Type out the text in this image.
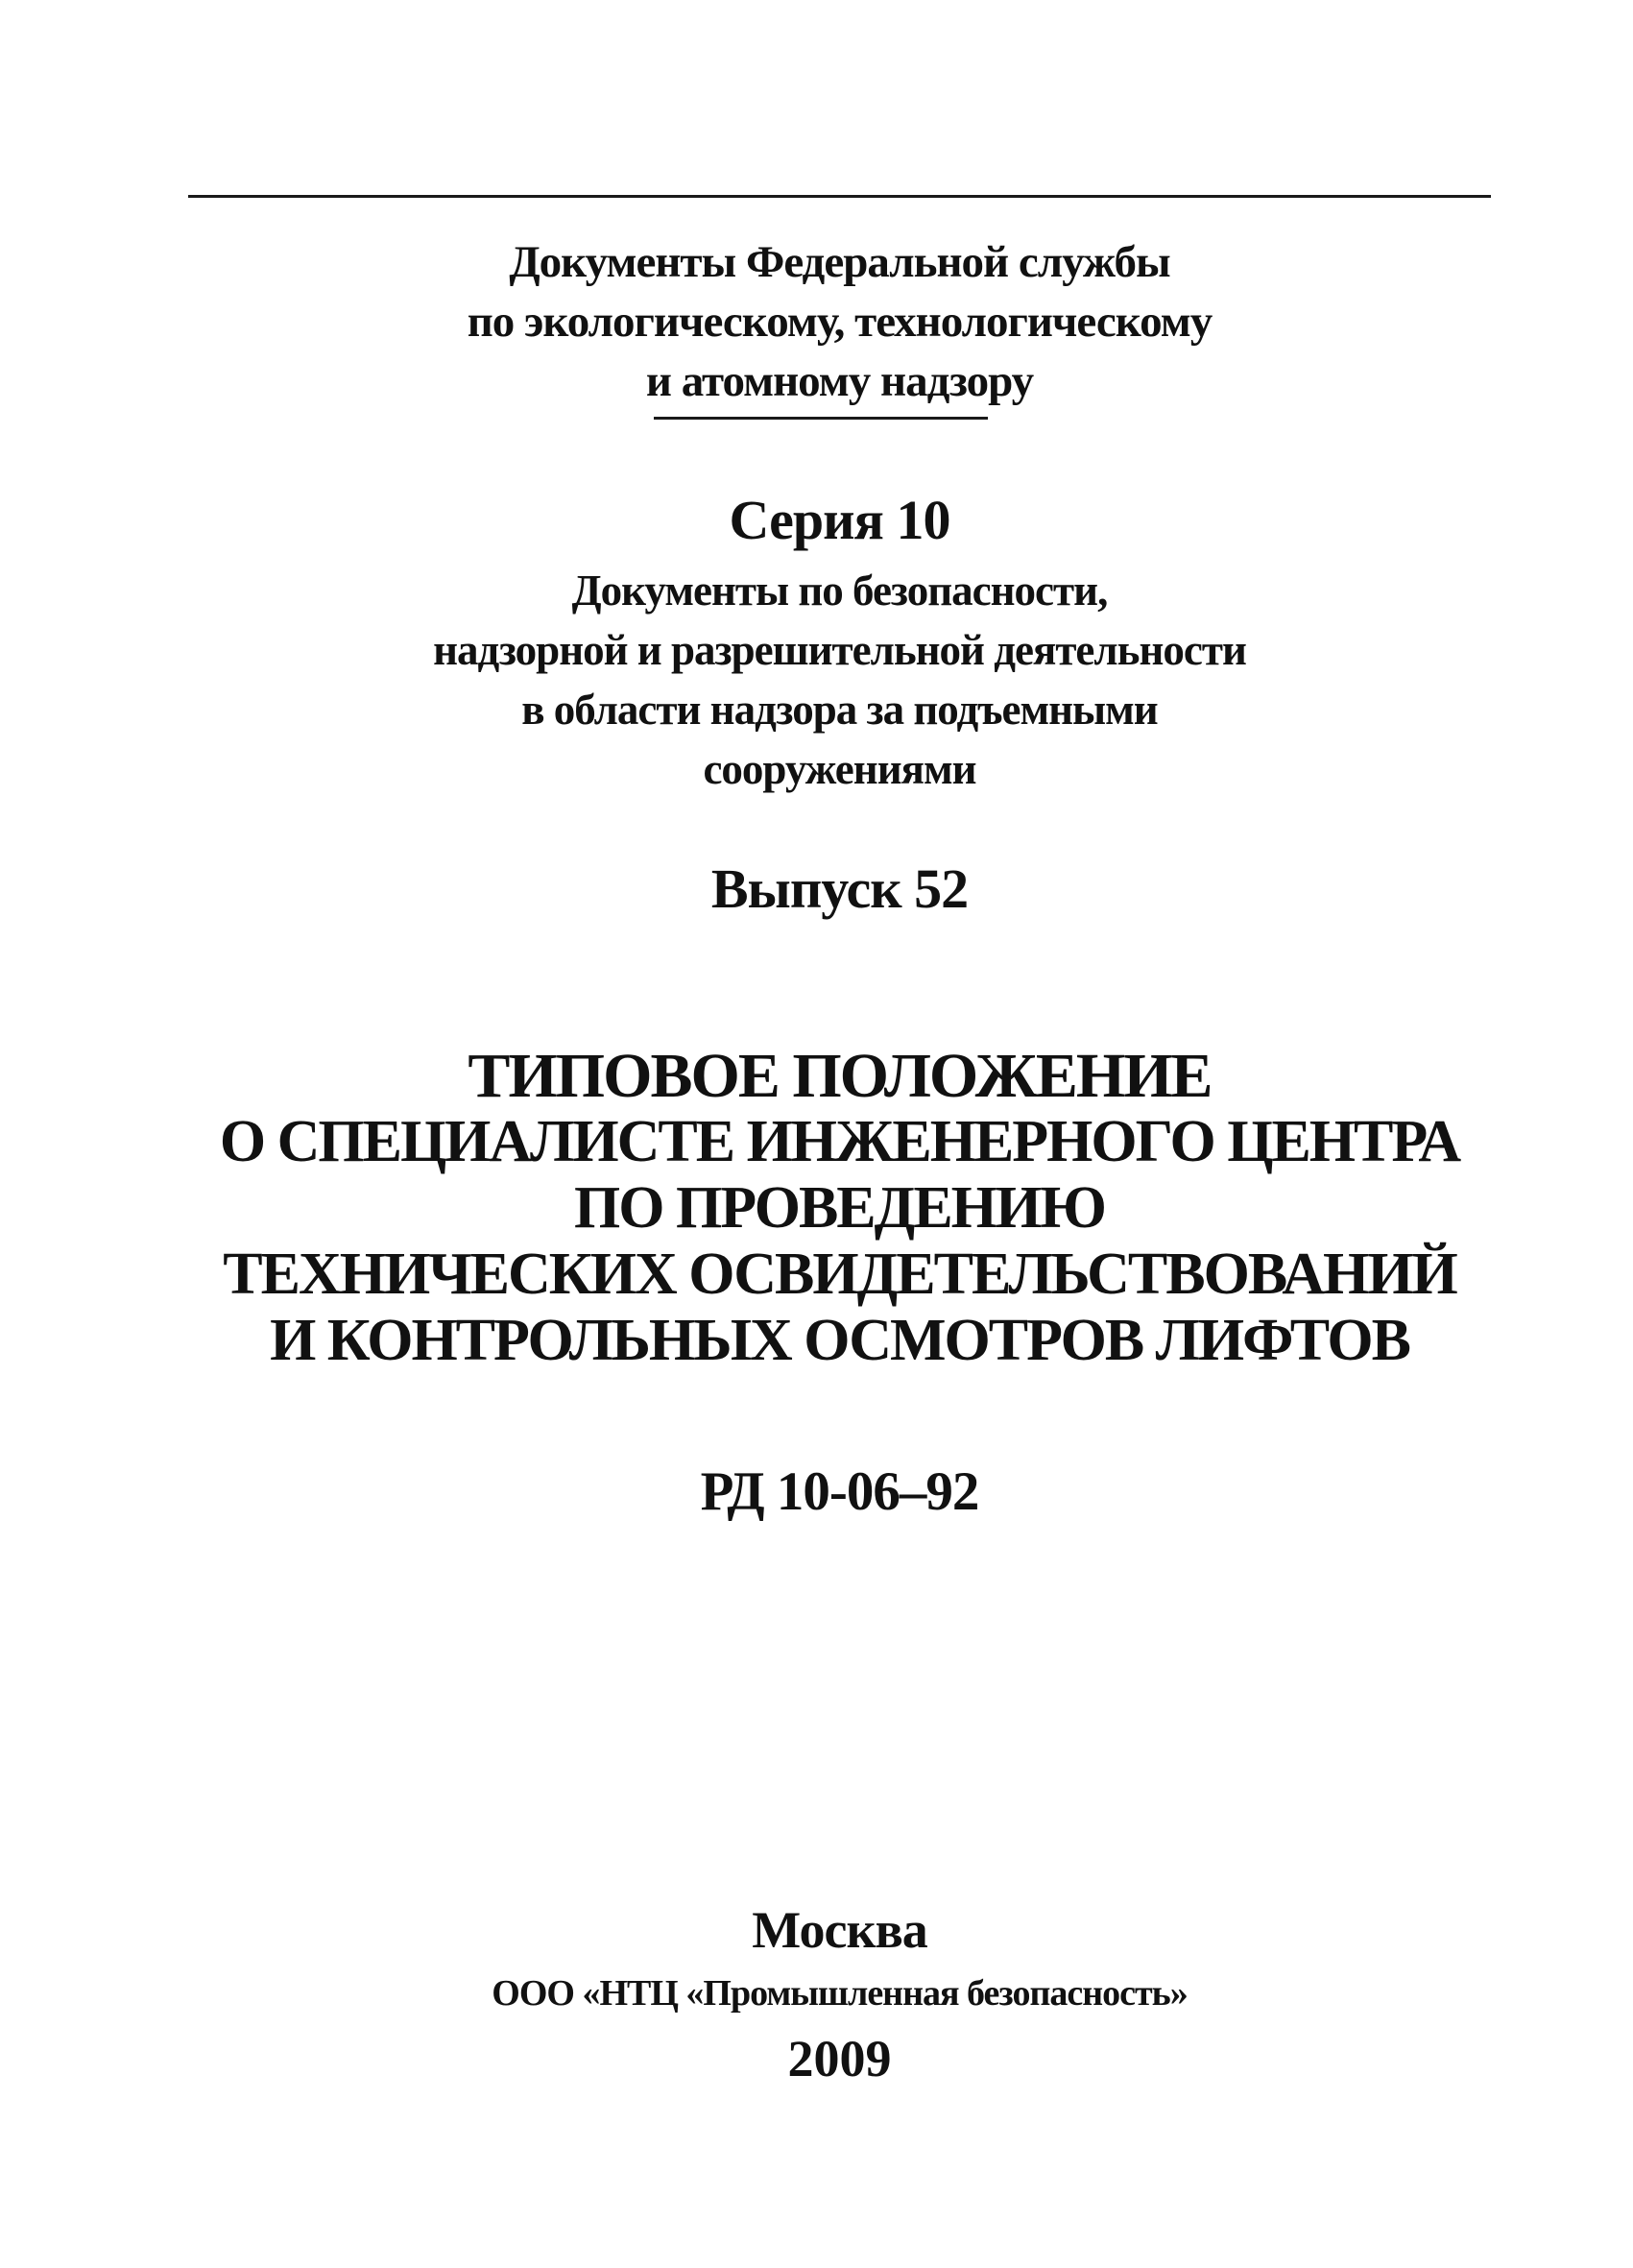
Документы Федеральной службы
по экологическому, технологическому
и атомному надзору
Серия 10
Документы по безопасности,
надзорной и разрешительной деятельности
в области надзора за подъемными
сооружениями
Выпуск 52
ТИПОВОЕ ПОЛОЖЕНИЕ
О СПЕЦИАЛИСТЕ ИНЖЕНЕРНОГО ЦЕНТРА
ПО ПРОВЕДЕНИЮ
ТЕХНИЧЕСКИХ ОСВИДЕТЕЛЬСТВОВАНИЙ
И КОНТРОЛЬНЫХ ОСМОТРОВ ЛИФТОВ
РД 10-06–92
Москва
ООО «НТЦ «Промышленная безопасность»
2009
